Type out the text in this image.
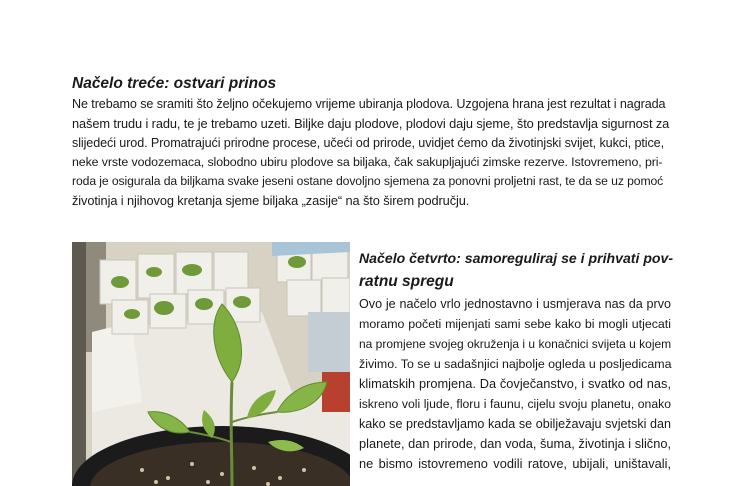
Načelo treće: ostvari prinos

Ne trebamo se sramiti što željno očekujemo vrijeme ubiranja plodova. Uzgojena hrana jest rezultat i nagrada
našem trudu i radu, te je trebamo uzeti. Biljke daju plodove, plodovi daju sjeme, što predstavlja sigurnost za
slijedeći urod. Promatrajući prirodne procese, učeći od prirode, uvidjet ćemo da životinjski svijet, kukci, ptice,
neke vrste vodozemaca, slobodno ubiru plodove sa biljaka, čak sakupljajući zimske rezerve. Istovremeno, pri-
roda je osigurala da biljkama svake jeseni ostane dovoljno sjemena za ponovni proljetni rast, te da se uz pomoć
životinja i njihovog kretanja sjeme biljaka „zasije“ na što širem području.

Načelo četvrto: samoreguliraj se i prihvati pov-
ratnu spregu

Ovo je načelo vrlo jednostavno i usmjerava nas da prvo
moramo početi mijenjati sami sebe kako bi mogli utjecati
na promjene svojeg okruženja i u konačnici svijeta u kojem
živimo. To se u sadašnjici najbolje ogleda u posljedicama
klimatskih promjena. Da čovječanstvo, i svatko od nas,
iskreno voli ljude, floru i faunu, cijelu svoju planetu, onako
kako se predstavljamo kada se obilježavaju svjetski dan
planete, dan prirode, dan voda, šuma, životinja i slično,
ne bismo istovremeno vodili ratove, ubijali, uništavali,
